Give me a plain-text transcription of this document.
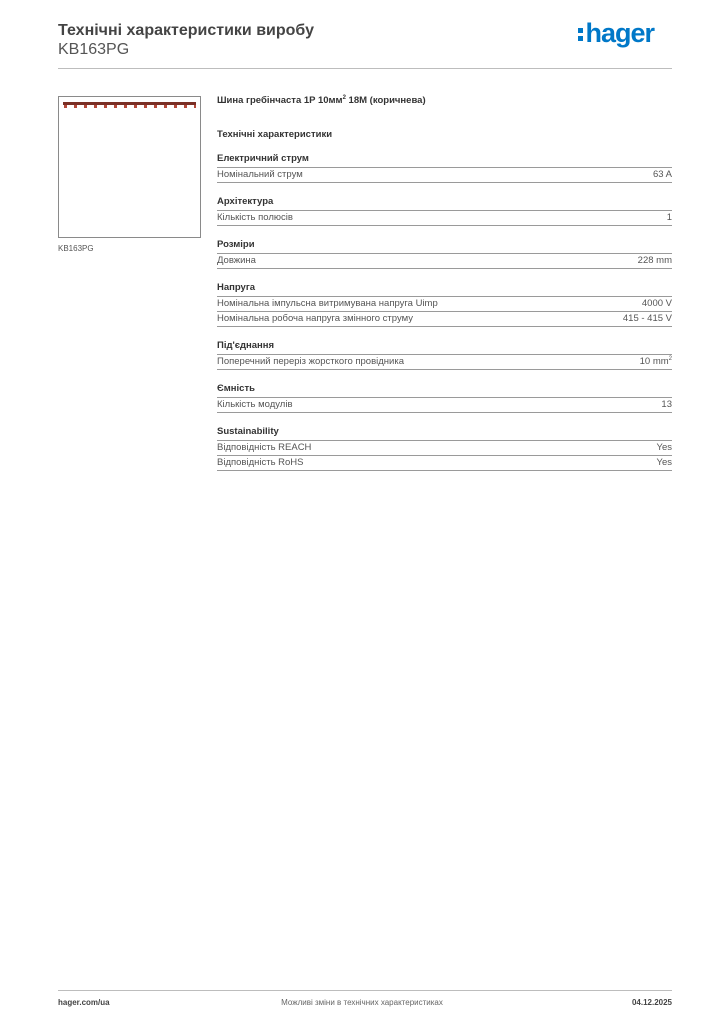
Технічні характеристики виробу
KB163PG
hager
KB163PG

Шина гребінчаста 1P $10мм^2$ 18M (коричнева)

Технічні характеристики
Електричний струм
Номінальний струм	63 A
Архітектура
Кількість полюсів	1
Розміри
Довжина	228 mm
Напруга
Номінальна імпульсна витримувана напруга Uimp	4000 V
Номінальна робоча напруга змінного струму	415 - 415 V
Під'єднання
Поперечний переріз жорсткого провідника	10 $mm^2$
Ємність
Кількість модулів	13
Sustainability
Відповідність REACH	Yes
Відповідність RoHS	Yes
hager.com/ua	Можливі зміни в технічних характеристиках	04.12.2025
